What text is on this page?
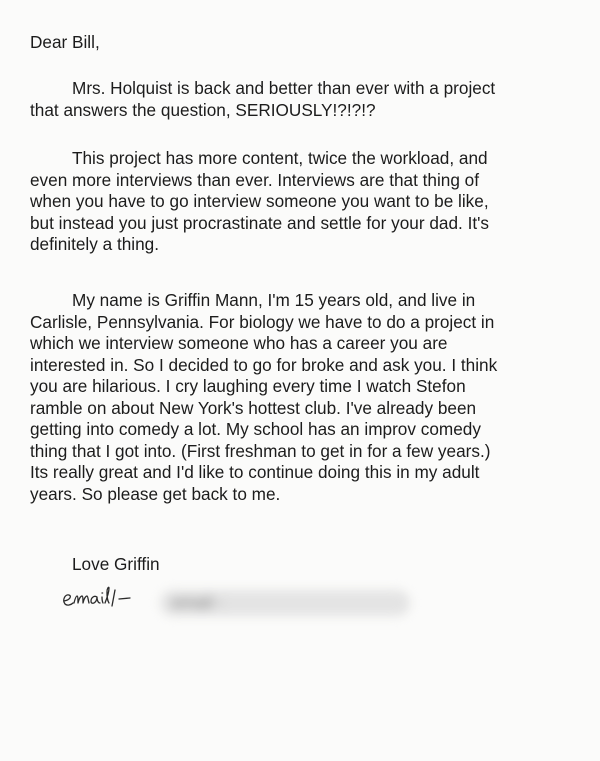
Dear Bill,

Mrs. Holquist is back and better than ever with a project
that answers the question, SERIOUSLY!?!?!?
This project has more content, twice the workload, and
even more interviews than ever. Interviews are that thing of
when you have to go interview someone you want to be like,
but instead you just procrastinate and settle for your dad. It's
definitely a thing.
My name is Griffin Mann, I'm 15 years old, and live in
Carlisle, Pennsylvania. For biology we have to do a project in
which we interview someone who has a career you are
interested in. So I decided to go for broke and ask you. I think
you are hilarious. I cry laughing every time I watch Stefon
ramble on about New York's hottest club. I've already been
getting into comedy a lot. My school has an improv comedy
thing that I got into. (First freshman to get in for a few years.)
Its really great and I'd like to continue doing this in my adult
years. So please get back to me.

Love Griffin

email -
